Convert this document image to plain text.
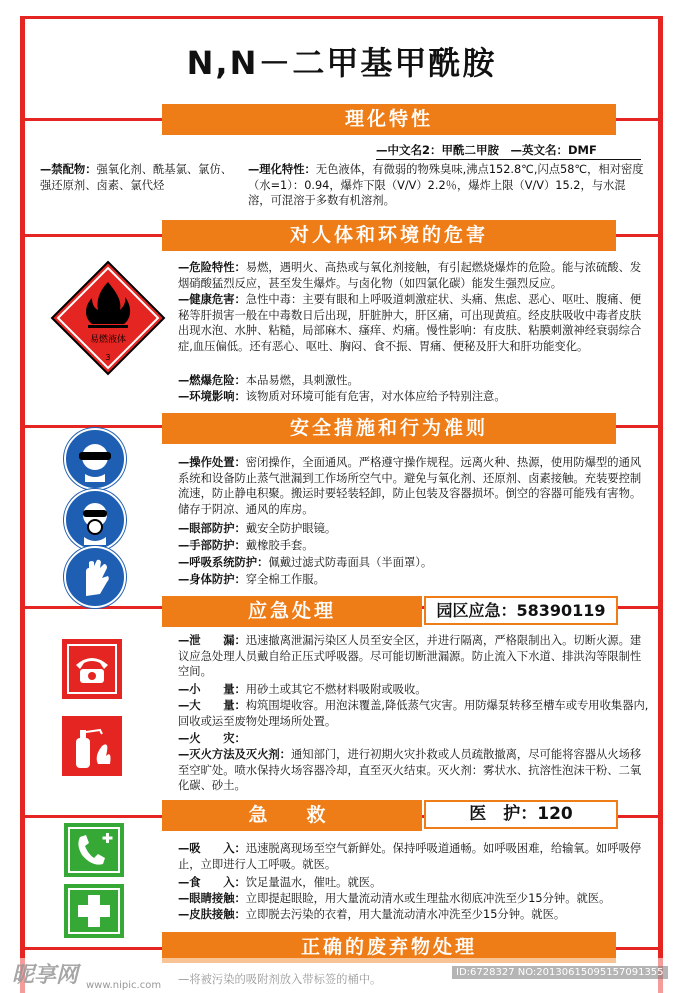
N,N－二甲基甲酰胺
理化特性
—中文名2：甲酰二甲胺　—英文名：DMF
—禁配物：强氧化剂、酰基氯、氯仿、强还原剂、卤素、氯代烃
—理化特性：无色液体，有微弱的物殊臭味,沸点152.8℃,闪点58℃，相对密度（水=1）：0.94，爆炸下限（V/V）2.2％，爆炸上限（V/V）15.2，与水混溶，可混溶于多数有机溶剂。
对人体和环境的危害
易燃液体
3
—危险特性：易燃，遇明火、高热或与氧化剂接触，有引起燃烧爆炸的危险。能与浓硫酸、发烟硝酸猛烈反应，甚至发生爆炸。与卤化物（如四氯化碳）能发生强烈反应。
—健康危害：急性中毒：主要有眼和上呼吸道刺激症状、头痛、焦虑、恶心、呕吐、腹痛、便秘等肝损害一般在中毒数日后出现，肝脏肿大，肝区痛，可出现黄疸。经皮肤吸收中毒者皮肤出现水泡、水肿、粘糙，局部麻木、瘙痒、灼痛。慢性影响：有皮肤、粘膜刺激神经衰弱综合症,血压偏低。还有恶心、呕吐、胸闷、食不振、胃痛、便秘及肝大和肝功能变化。
—燃爆危险：本品易燃，具刺激性。
—环境影响：该物质对环境可能有危害，对水体应给予特别注意。
安全措施和行为准则
—操作处置：密闭操作，全面通风。严格遵守操作规程。远离火种、热源，使用防爆型的通风系统和设备防止蒸气泄漏到工作场所空气中。避免与氧化剂、还原剂、卤素接触。充装要控制流速，防止静电积聚。搬运时要轻装轻卸，防止包装及容器损坏。倒空的容器可能残有害物。储存于阴凉、通风的库房。
—眼部防护：戴安全防护眼镜。
—手部防护：戴橡胶手套。
—呼吸系统防护：佩戴过滤式防毒面具（半面罩）。
—身体防护：穿全棉工作服。
应急处理	园区应急：58390119
—泄　　漏：迅速撤离泄漏污染区人员至安全区，并进行隔离，严格限制出入。切断火源。建议应急处理人员戴自给正压式呼吸器。尽可能切断泄漏源。防止流入下水道、排洪沟等限制性空间。
—小　　量：用砂土或其它不燃材料吸附或吸收。
—大　　量：构筑围堤收容。用泡沫覆盖,降低蒸气灾害。用防爆泵转移至槽车或专用收集器内,回收或运至废物处理场所处置。
—火　　灾：
—灭火方法及灭火剂：通知部门，进行初期火灾扑救或人员疏散撤离，尽可能将容器从火场移至空旷处。喷水保持火场容器冷却，直至灭火结束。灭火剂：雾状水、抗溶性泡沫干粉、二氧化碳、砂土。
急　救	医　护：120
—吸　　入：迅速脱离现场至空气新鲜处。保持呼吸道通畅。如呼吸困难，给输氧。如呼吸停止，立即进行人工呼吸。就医。
—食　　入：饮足量温水，催吐。就医。
—眼睛接触：立即提起眼睑，用大量流动清水或生理盐水彻底冲洗至少15分钟。就医。
—皮肤接触：立即脱去污染的衣着，用大量流动清水冲洗至少15分钟。就医。
正确的废弃物处理
昵享网 www.nipic.com
ID:6728327 NO:20130615095157091355
